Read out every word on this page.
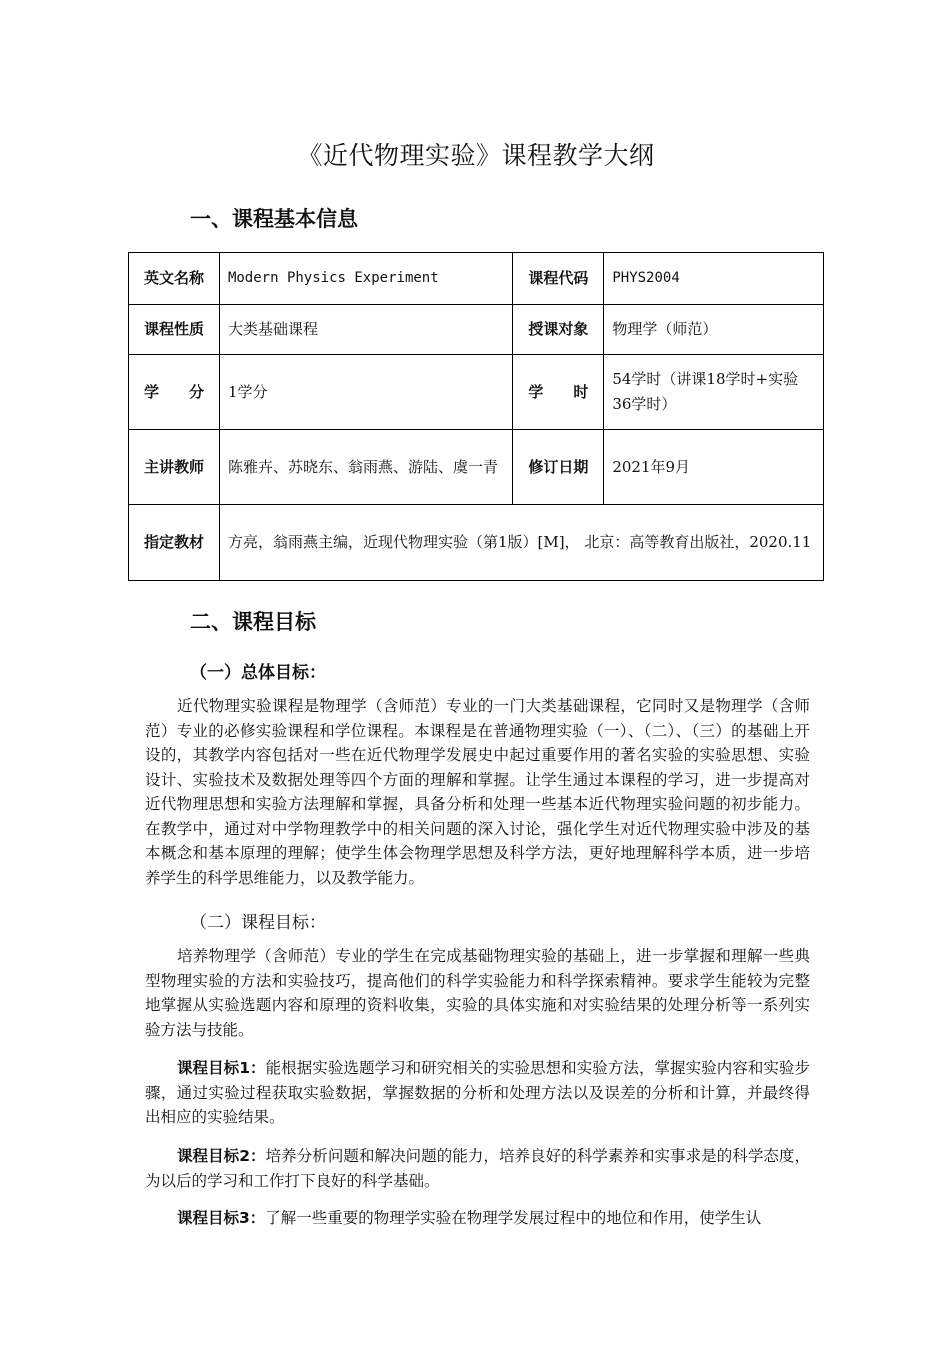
《近代物理实验》课程教学大纲
一、课程基本信息
英文名称	Modern Physics Experiment	课程代码	PHYS2004
课程性质	大类基础课程	授课对象	物理学（师范）
学　　分	1学分	学　　时	54学时（讲课18学时+实验36学时）
主讲教师	陈雅卉、苏晓东、翁雨燕、游陆、虞一青	修订日期	2021年9月
指定教材	方亮，翁雨燕主编，近现代物理实验（第1版）[M]， 北京：高等教育出版社，2020.11		
二、课程目标
（一）总体目标：

近代物理实验课程是物理学（含师范）专业的一门大类基础课程，它同时又是物理学（含师范）专业的必修实验课程和学位课程。本课程是在普通物理实验（一）、（二）、（三）的基础上开设的，其教学内容包括对一些在近代物理学发展史中起过重要作用的著名实验的实验思想、实验设计、实验技术及数据处理等四个方面的理解和掌握。让学生通过本课程的学习，进一步提高对近代物理思想和实验方法理解和掌握，具备分析和处理一些基本近代物理实验问题的初步能力。在教学中，通过对中学物理教学中的相关问题的深入讨论，强化学生对近代物理实验中涉及的基本概念和基本原理的理解；使学生体会物理学思想及科学方法，更好地理解科学本质，进一步培养学生的科学思维能力，以及教学能力。

（二）课程目标：

培养物理学（含师范）专业的学生在完成基础物理实验的基础上，进一步掌握和理解一些典型物理实验的方法和实验技巧，提高他们的科学实验能力和科学探索精神。要求学生能较为完整地掌握从实验选题内容和原理的资料收集，实验的具体实施和对实验结果的处理分析等一系列实验方法与技能。

课程目标1：能根据实验选题学习和研究相关的实验思想和实验方法，掌握实验内容和实验步骤，通过实验过程获取实验数据，掌握数据的分析和处理方法以及误差的分析和计算，并最终得出相应的实验结果。

课程目标2：培养分析问题和解决问题的能力，培养良好的科学素养和实事求是的科学态度，为以后的学习和工作打下良好的科学基础。

课程目标3：了解一些重要的物理学实验在物理学发展过程中的地位和作用，使学生认
